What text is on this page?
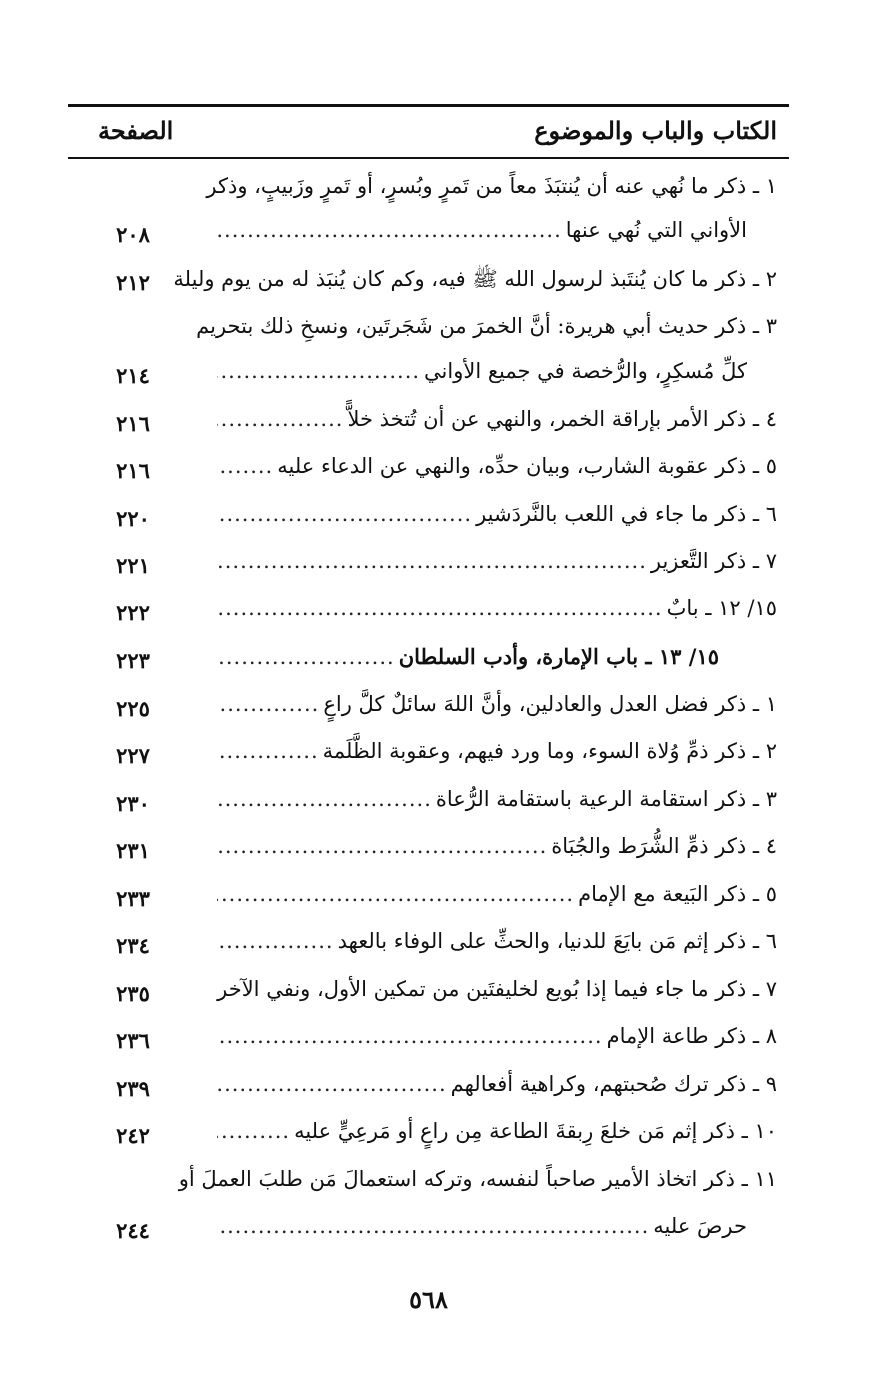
الكتاب والباب والموضوع
الصفحة
١ ـ ذكر ما نُهي عنه أن يُنتبَذَ معاً من تَمرٍ وبُسرٍ، أو تَمرٍ وزَبيبٍ، وذكر
الأواني التي نُهي عنها
.....
٢٠٨
٢ ـ ذكر ما كان يُنتَبذ لرسول الله ﷺ فيه، وكم كان يُنبَذ له من يوم وليلة
٢١٢
٣ ـ ذكر حديث أبي هريرة: أنَّ الخمرَ من شَجَرتَين، ونسخِ ذلك بتحريم
كلِّ مُسكِرٍ، والرُّخصة في جميع الأواني
.....
٢١٤
٤ ـ ذكر الأمر بإراقة الخمر، والنهي عن أن تُتخذ خلاًّ
.....
٢١٦
٥ ـ ذكر عقوبة الشارب، وبيان حدِّه، والنهي عن الدعاء عليه
.....
٢١٦
٦ ـ ذكر ما جاء في اللعب بالنَّردَشير
.....
٢٢٠
٧ ـ ذكر التَّعزير
.....
٢٢١
١٥/ ١٢ ـ بابٌ
.....
٢٢٢
١٥/ ١٣ ـ باب الإمارة، وأدب السلطان
.....
٢٢٣
١ ـ ذكر فضل العدل والعادلين، وأنَّ اللهَ سائلٌ كلَّ راعٍ
.....
٢٢٥
٢ ـ ذكر ذمِّ وُلاة السوء، وما ورد فيهم، وعقوبة الظَّلَمة
.....
٢٢٧
٣ ـ ذكر استقامة الرعية باستقامة الرُّعاة
.....
٢٣٠
٤ ـ ذكر ذمِّ الشُّرَط والجُبَاة
.....
٢٣١
٥ ـ ذكر البَيعة مع الإمام
.....
٢٣٣
٦ ـ ذكر إثم مَن بايَعَ للدنيا، والحثِّ على الوفاء بالعهد
.....
٢٣٤
٧ ـ ذكر ما جاء فيما إذا بُويع لخليفتَين من تمكين الأول، ونفي الآخر
٢٣٥
٨ ـ ذكر طاعة الإمام
.....
٢٣٦
٩ ـ ذكر ترك صُحبتهم، وكراهية أفعالهم
.....
٢٣٩
١٠ ـ ذكر إثم مَن خلعَ رِبقةَ الطاعة مِن راعٍ أو مَرعِيٍّ عليه
.....
٢٤٢
١١ ـ ذكر اتخاذ الأمير صاحباً لنفسه، وتركه استعمالَ مَن طلبَ العملَ أو
حرصَ عليه
.....
٢٤٤
٥٦٨
